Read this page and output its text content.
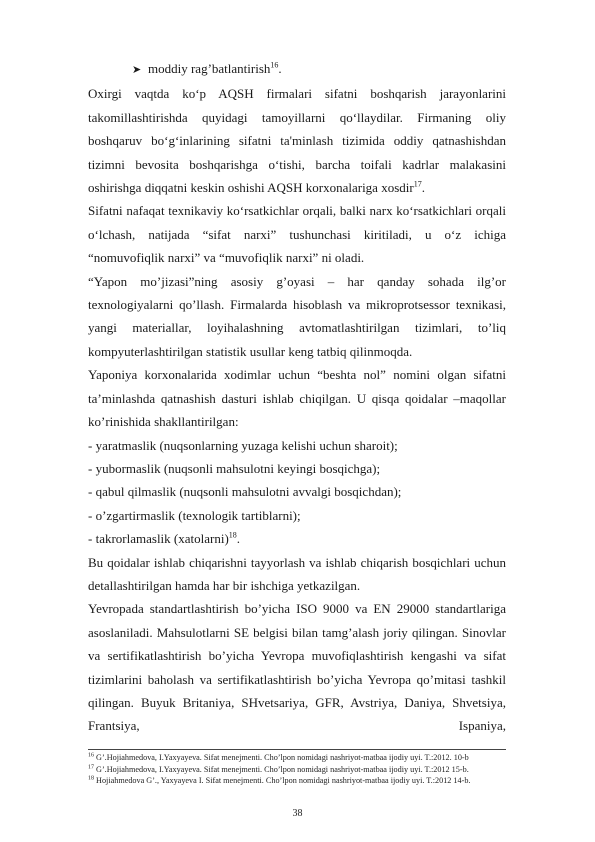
➤ moddiy rag’batlantirish$^{16}$.

Oxirgi vaqtda ko‘p AQSH firmalari sifatni boshqarish jarayonlarini takomillashtirishda quyidagi tamoyillarni qo‘llaydilar. Firmaning oliy boshqaruv bo‘g‘inlarining sifatni ta'minlash tizimida oddiy qatnashishdan tizimni bevosita boshqarishga o‘tishi, barcha toifali kadrlar malakasini oshirishga diqqatni keskin oshishi AQSH korxonalariga xosdir$^{17}$.

Sifatni nafaqat texnikaviy ko‘rsatkichlar orqali, balki narx ko‘rsatkichlari orqali o‘lchash, natijada “sifat narxi” tushunchasi kiritiladi, u o‘z ichiga “nomuvofiqlik narxi” va “muvofiqlik narxi” ni oladi.

“Yapon mo’jizasi”ning asosiy g’oyasi – har qanday sohada ilg’or texnologiyalarni qo’llash. Firmalarda hisoblash va mikroprotsessor texnikasi, yangi materiallar, loyihalashning avtomatlashtirilgan tizimlari, to’liq kompyuterlashtirilgan statistik usullar keng tatbiq qilinmoqda.

Yaponiya korxonalarida xodimlar uchun “beshta nol” nomini olgan sifatni ta’minlashda qatnashish dasturi ishlab chiqilgan. U qisqa qoidalar –maqollar ko’rinishida shakllantirilgan:

- yaratmaslik (nuqsonlarning yuzaga kelishi uchun sharoit);

- yubormaslik (nuqsonli mahsulotni keyingi bosqichga);

- qabul qilmaslik (nuqsonli mahsulotni avvalgi bosqichdan);

- o’zgartirmaslik (texnologik tartiblarni);

- takrorlamaslik (xatolarni)$^{18}$.

Bu qoidalar ishlab chiqarishni tayyorlash va ishlab chiqarish bosqichlari uchun detallashtirilgan hamda har bir ishchiga yetkazilgan.

Yevropada standartlashtirish bo’yicha ISO 9000 va EN 29000 standartlariga asoslaniladi. Mahsulotlarni SE belgisi bilan tamg’alash joriy qilingan. Sinovlar va sertifikatlashtirish bo’yicha Yevropa muvofiqlashtirish kengashi va sifat tizimlarini baholash va sertifikatlashtirish bo’yicha Yevropa qo’mitasi tashkil qilingan. Buyuk Britaniya, SHvetsariya, GFR, Avstriya, Daniya, Shvetsiya, Frantsiya, Ispaniya,

$^{16}$ G’.Hojiahmedova, I.Yaxyayeva. Sifat menejmenti. Cho’lpon nomidagi nashriyot-matbaa ijodiy uyi. T.:2012. 10-b

$^{17}$ G’.Hojiahmedova, I.Yaxyayeva. Sifat menejmenti. Cho’lpon nomidagi nashriyot-matbaa ijodiy uyi. T.:2012 15-b.

$^{18}$ Hojiahmedova G’., Yaxyayeva I. Sifat menejmenti. Cho’lpon nomidagi nashriyot-matbaa ijodiy uyi. T.:2012 14-b.

38
